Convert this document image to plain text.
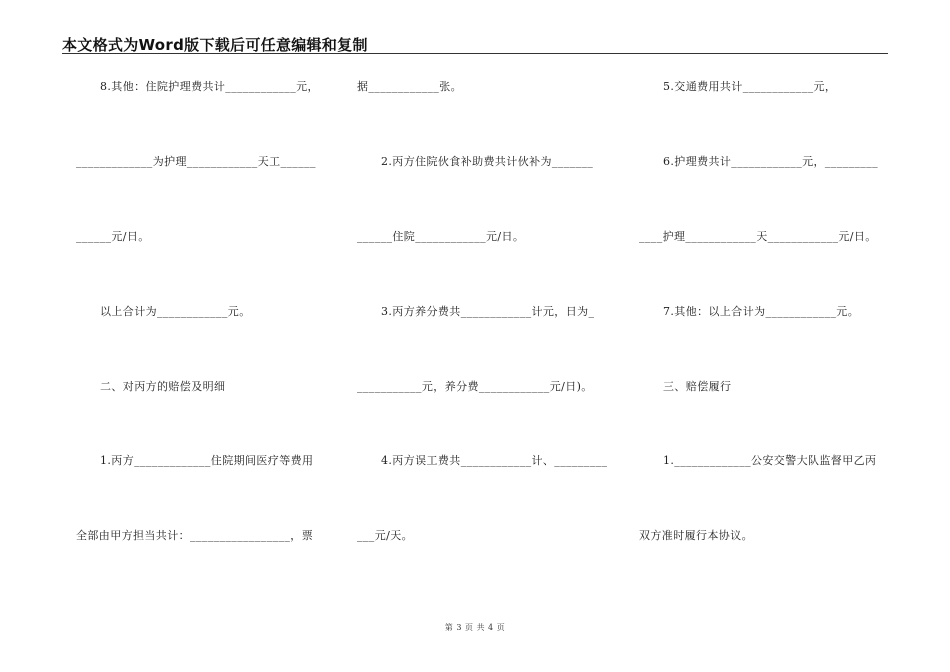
本文格式为Word版下载后可任意编辑和复制
8.其他：住院护理费共计____________元，
_____________为护理____________天工______
______元/日。
以上合计为____________元。
二、对丙方的赔偿及明细
1.丙方_____________住院期间医疗等费用
全部由甲方担当共计：_________________，票
据____________张。
2.丙方住院伙食补助费共计伙补为_______
______住院____________元/日。
3.丙方养分费共____________计元，日为_
___________元，养分费____________元/日)。
4.丙方误工费共____________计、_________
___元/天。
5.交通费用共计____________元，
6.护理费共计____________元，_________
____护理____________天____________元/日。
7.其他：以上合计为____________元。
三、赔偿履行
1._____________公安交警大队监督甲乙丙
双方准时履行本协议。
第 3 页 共 4 页
